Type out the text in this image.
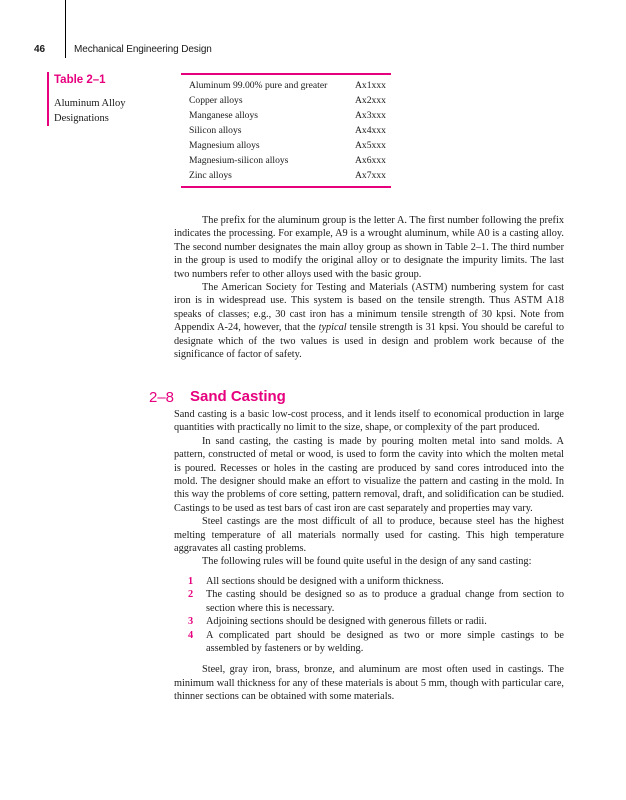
46	Mechanical Engineering Design
Table 2–1
Aluminum Alloy Designations
Aluminum 99.00% pure and greater	Ax1xxx
Copper alloys	Ax2xxx
Manganese alloys	Ax3xxx
Silicon alloys	Ax4xxx
Magnesium alloys	Ax5xxx
Magnesium-silicon alloys	Ax6xxx
Zinc alloys	Ax7xxx

The prefix for the aluminum group is the letter A. The first number following the prefix indicates the processing. For example, A9 is a wrought aluminum, while A0 is a casting alloy. The second number designates the main alloy group as shown in Table 2–1. The third number in the group is used to modify the original alloy or to designate the impurity limits. The last two numbers refer to other alloys used with the basic group.

The American Society for Testing and Materials (ASTM) numbering system for cast iron is in widespread use. This system is based on the tensile strength. Thus ASTM A18 speaks of classes; e.g., 30 cast iron has a minimum tensile strength of 30 kpsi. Note from Appendix A-24, however, that the typical tensile strength is 31 kpsi. You should be careful to designate which of the two values is used in design and problem work because of the significance of factor of safety.

2–8 Sand Casting

Sand casting is a basic low-cost process, and it lends itself to economical production in large quantities with practically no limit to the size, shape, or complexity of the part produced.

In sand casting, the casting is made by pouring molten metal into sand molds. A pattern, constructed of metal or wood, is used to form the cavity into which the molten metal is poured. Recesses or holes in the casting are produced by sand cores introduced into the mold. The designer should make an effort to visualize the pattern and casting in the mold. In this way the problems of core setting, pattern removal, draft, and solidification can be studied. Castings to be used as test bars of cast iron are cast separately and properties may vary.

Steel castings are the most difficult of all to produce, because steel has the highest melting temperature of all materials normally used for casting. This high temperature aggravates all casting problems.

The following rules will be found quite useful in the design of any sand casting:

1	All sections should be designed with a uniform thickness.
2	The casting should be designed so as to produce a gradual change from section to section where this is necessary.
3	Adjoining sections should be designed with generous fillets or radii.
4	A complicated part should be designed as two or more simple castings to be assembled by fasteners or by welding.

Steel, gray iron, brass, bronze, and aluminum are most often used in castings. The minimum wall thickness for any of these materials is about 5 mm, though with particular care, thinner sections can be obtained with some materials.
